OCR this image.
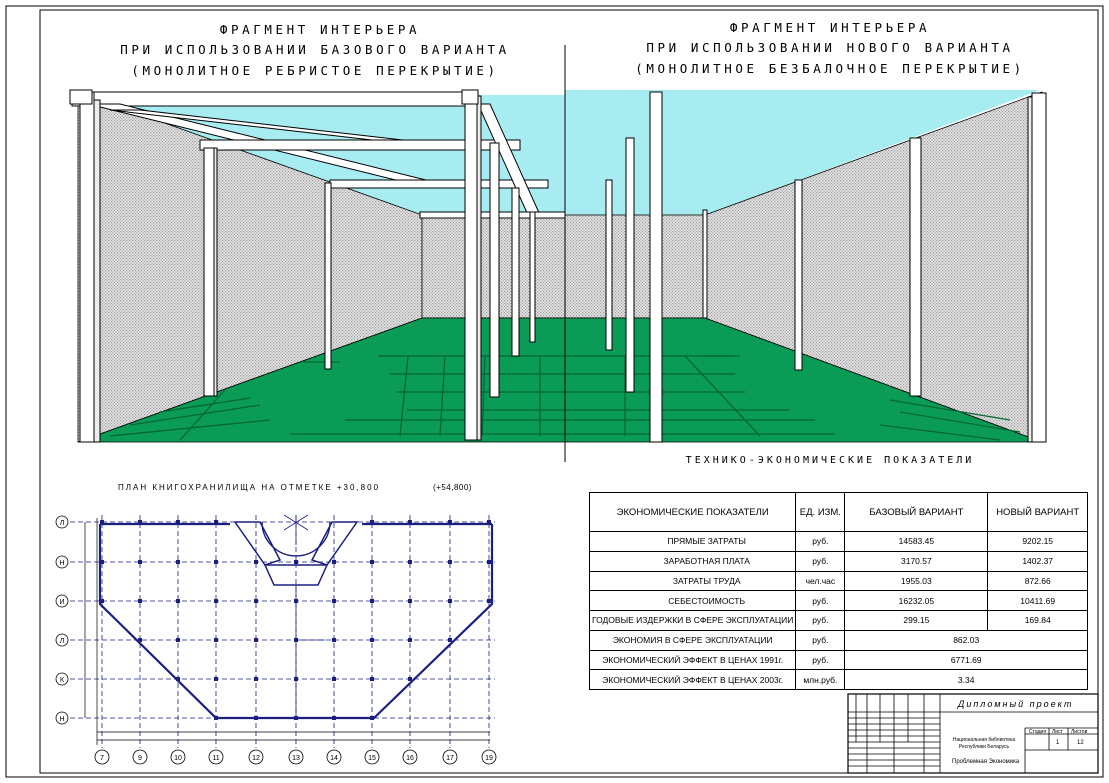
Л
Н
И
Л
К
Н
7	9	10	11	12	13	14	15	16	17	19
ФРАГМЕНТ ИНТЕРЬЕРА
ПРИ ИСПОЛЬЗОВАНИИ БАЗОВОГО ВАРИАНТА
(МОНОЛИТНОЕ РЕБРИСТОЕ ПЕРЕКРЫТИЕ)
ФРАГМЕНТ ИНТЕРЬЕРА
ПРИ ИСПОЛЬЗОВАНИИ НОВОГО ВАРИАНТА
(МОНОЛИТНОЕ БЕЗБАЛОЧНОЕ ПЕРЕКРЫТИЕ)
ТЕХНИКО-ЭКОНОМИЧЕСКИЕ ПОКАЗАТЕЛИ
ПЛАН КНИГОХРАНИЛИЩА НА ОТМЕТКЕ +30,800	(+54,800)
ЭКОНОМИЧЕСКИЕ ПОКАЗАТЕЛИ	ЕД. ИЗМ.	БАЗОВЫЙ ВАРИАНТ	НОВЫЙ ВАРИАНТ
ПРЯМЫЕ ЗАТРАТЫ	руб.	14583.45	9202.15
ЗАРАБОТНАЯ ПЛАТА	руб.	3170.57	1402.37
ЗАТРАТЫ ТРУДА	чел.час	1955.03	872.66
СЕБЕСТОИМОСТЬ	руб.	16232.05	10411.69
ГОДОВЫЕ ИЗДЕРЖКИ В СФЕРЕ ЭКСПЛУАТАЦИИ	руб.	299.15	169.84
ЭКОНОМИЯ В СФЕРЕ ЭКСПЛУАТАЦИИ	руб.	862.03	
ЭКОНОМИЧЕСКИЙ ЭФФЕКТ В ЦЕНАХ 1991г.	руб.	6771.69	
ЭКОНОМИЧЕСКИЙ ЭФФЕКТ В ЦЕНАХ 2003г.	млн.руб.	3.34	
Дипломный проект
Национальная библиотека Республики Беларусь
Проблемная Экономика
Стадия Лист Листов
1	12
